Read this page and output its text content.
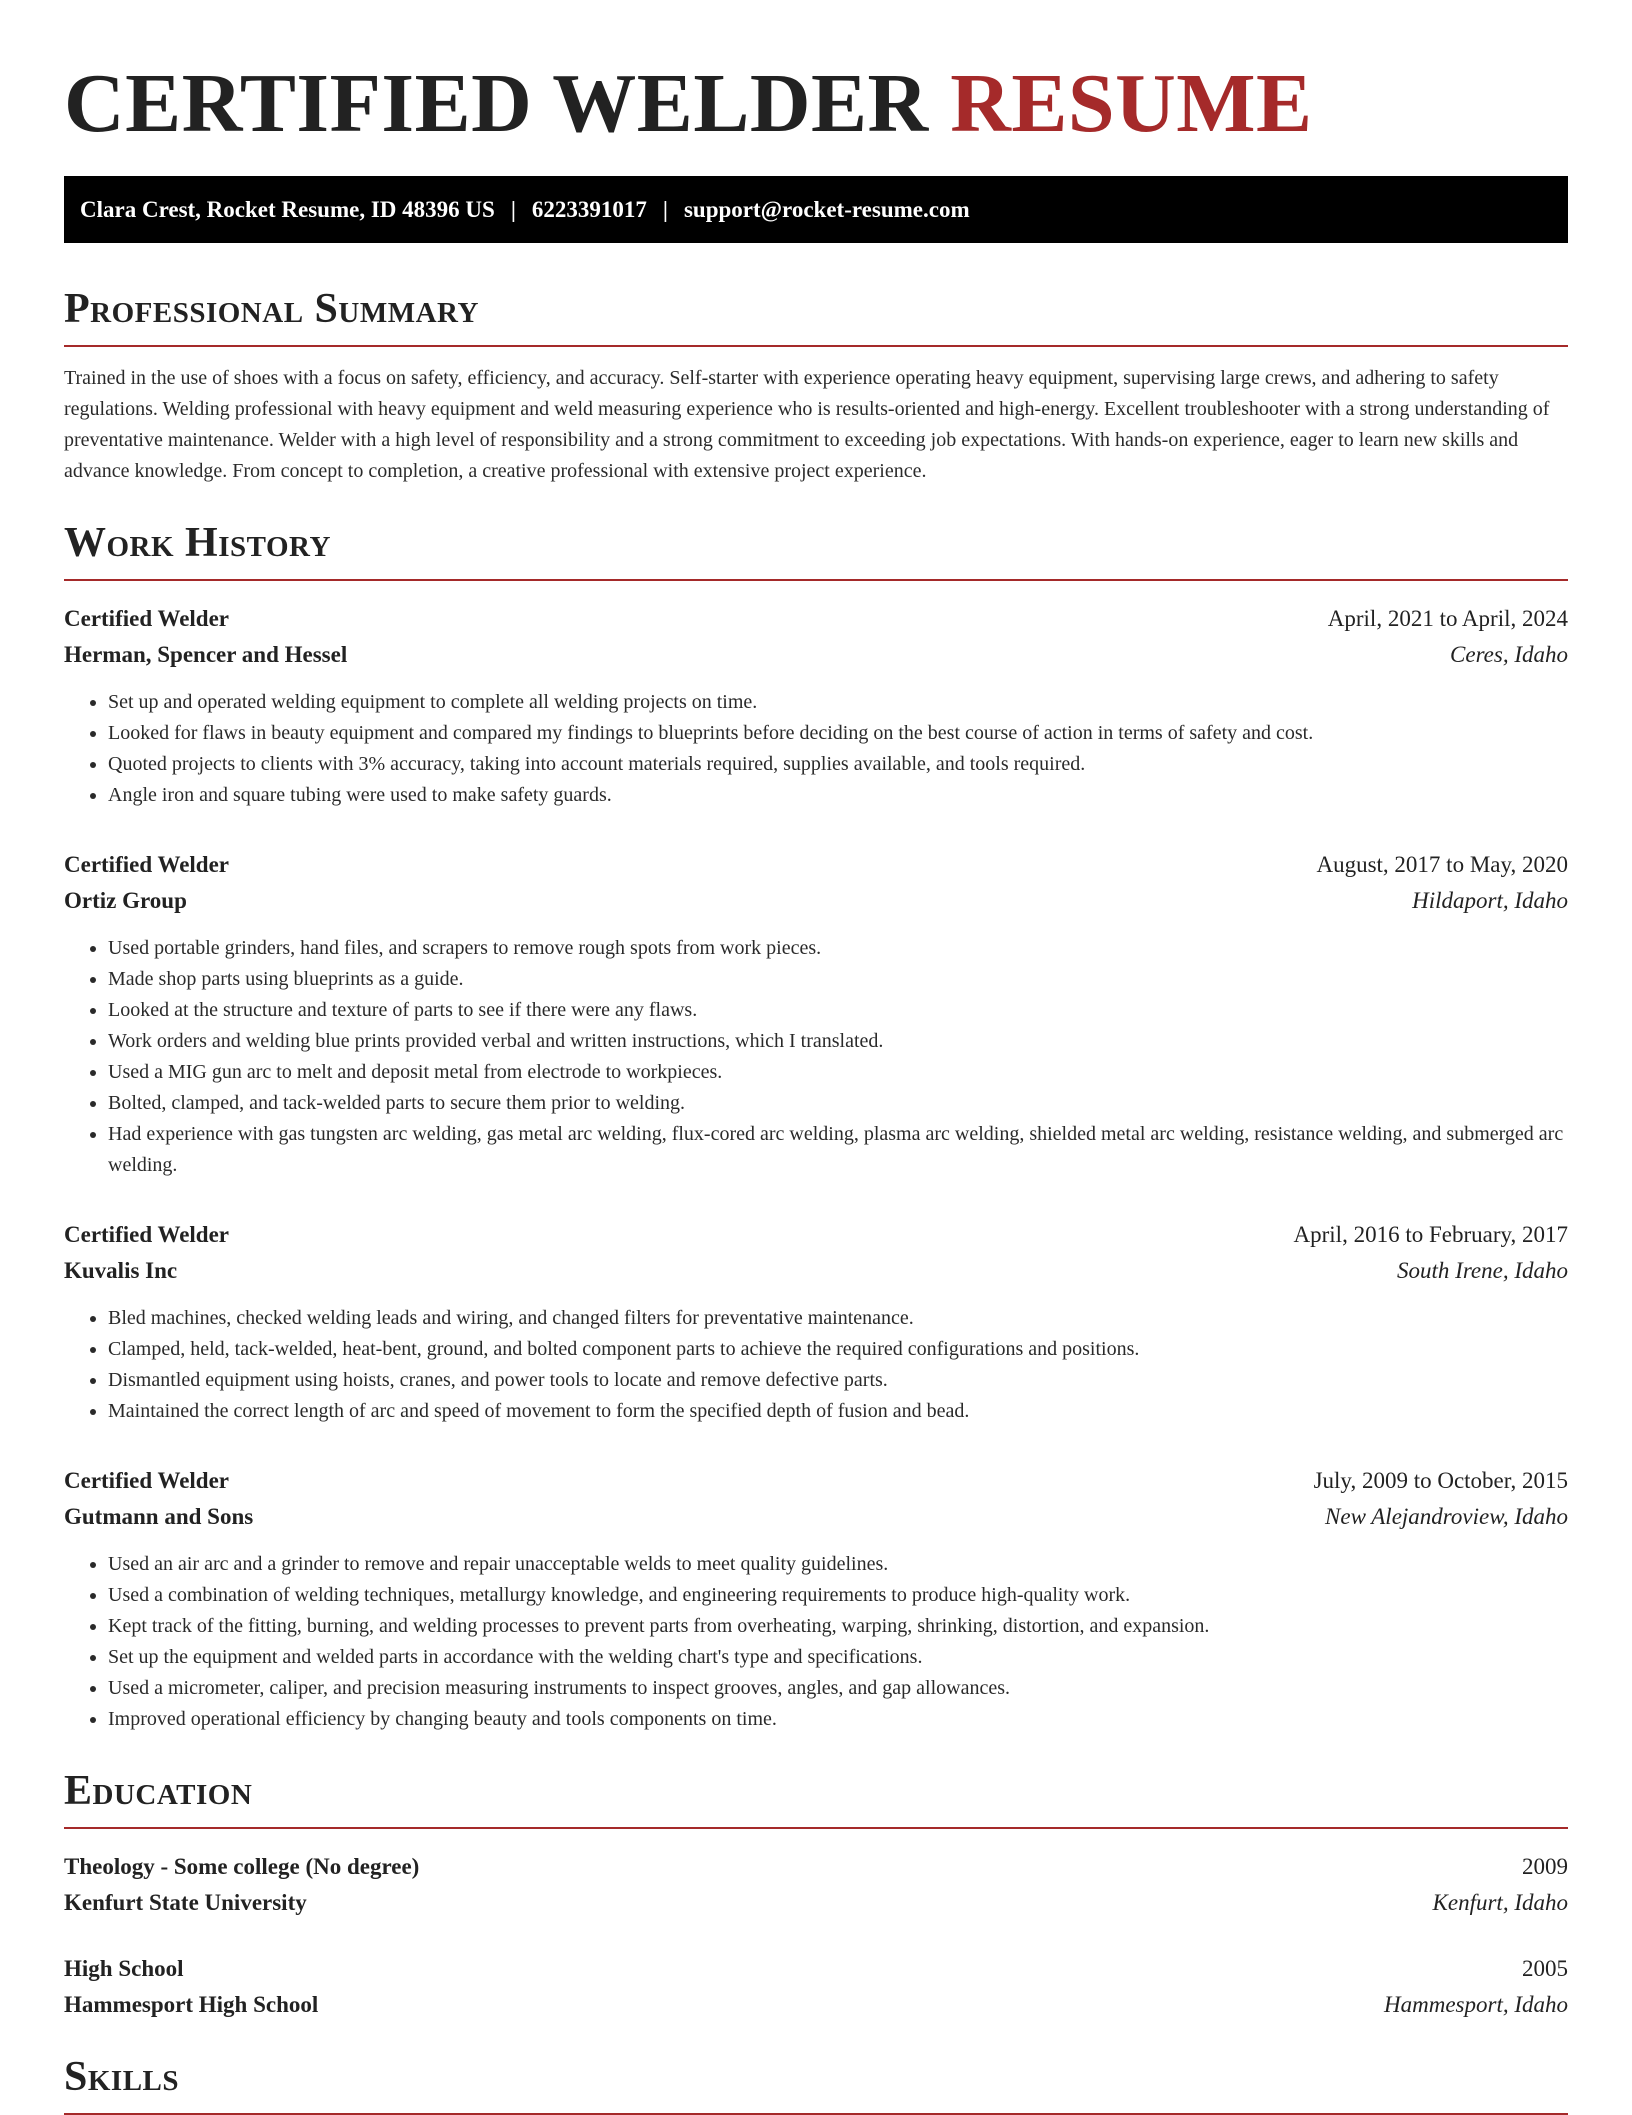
CERTIFIED WELDER RESUME
Clara Crest, Rocket Resume, ID 48396 US | 6223391017 | support@rocket-resume.com
Professional Summary

Trained in the use of shoes with a focus on safety, efficiency, and accuracy. Self-starter with experience operating heavy equipment, supervising large crews, and adhering to safety regulations. Welding professional with heavy equipment and weld measuring experience who is results-oriented and high-energy. Excellent troubleshooter with a strong understanding of preventative maintenance. Welder with a high level of responsibility and a strong commitment to exceeding job expectations. With hands-on experience, eager to learn new skills and advance knowledge. From concept to completion, a creative professional with extensive project experience.

Work History
Certified Welder	April, 2021 to April, 2024
Herman, Spencer and Hessel	Ceres, Idaho
• Set up and operated welding equipment to complete all welding projects on time.
• Looked for flaws in beauty equipment and compared my findings to blueprints before deciding on the best course of action in terms of safety and cost.
• Quoted projects to clients with 3% accuracy, taking into account materials required, supplies available, and tools required.
• Angle iron and square tubing were used to make safety guards.
Certified Welder	August, 2017 to May, 2020
Ortiz Group	Hildaport, Idaho
• Used portable grinders, hand files, and scrapers to remove rough spots from work pieces.
• Made shop parts using blueprints as a guide.
• Looked at the structure and texture of parts to see if there were any flaws.
• Work orders and welding blue prints provided verbal and written instructions, which I translated.
• Used a MIG gun arc to melt and deposit metal from electrode to workpieces.
• Bolted, clamped, and tack-welded parts to secure them prior to welding.
• Had experience with gas tungsten arc welding, gas metal arc welding, flux-cored arc welding, plasma arc welding, shielded metal arc welding, resistance welding, and submerged arc welding.
Certified Welder	April, 2016 to February, 2017
Kuvalis Inc	South Irene, Idaho
• Bled machines, checked welding leads and wiring, and changed filters for preventative maintenance.
• Clamped, held, tack-welded, heat-bent, ground, and bolted component parts to achieve the required configurations and positions.
• Dismantled equipment using hoists, cranes, and power tools to locate and remove defective parts.
• Maintained the correct length of arc and speed of movement to form the specified depth of fusion and bead.
Certified Welder	July, 2009 to October, 2015
Gutmann and Sons	New Alejandroview, Idaho
• Used an air arc and a grinder to remove and repair unacceptable welds to meet quality guidelines.
• Used a combination of welding techniques, metallurgy knowledge, and engineering requirements to produce high-quality work.
• Kept track of the fitting, burning, and welding processes to prevent parts from overheating, warping, shrinking, distortion, and expansion.
• Set up the equipment and welded parts in accordance with the welding chart's type and specifications.
• Used a micrometer, caliper, and precision measuring instruments to inspect grooves, angles, and gap allowances.
• Improved operational efficiency by changing beauty and tools components on time.
Education
Theology - Some college (No degree)	2009
Kenfurt State University	Kenfurt, Idaho
High School	2005
Hammesport High School	Hammesport, Idaho
Skills
